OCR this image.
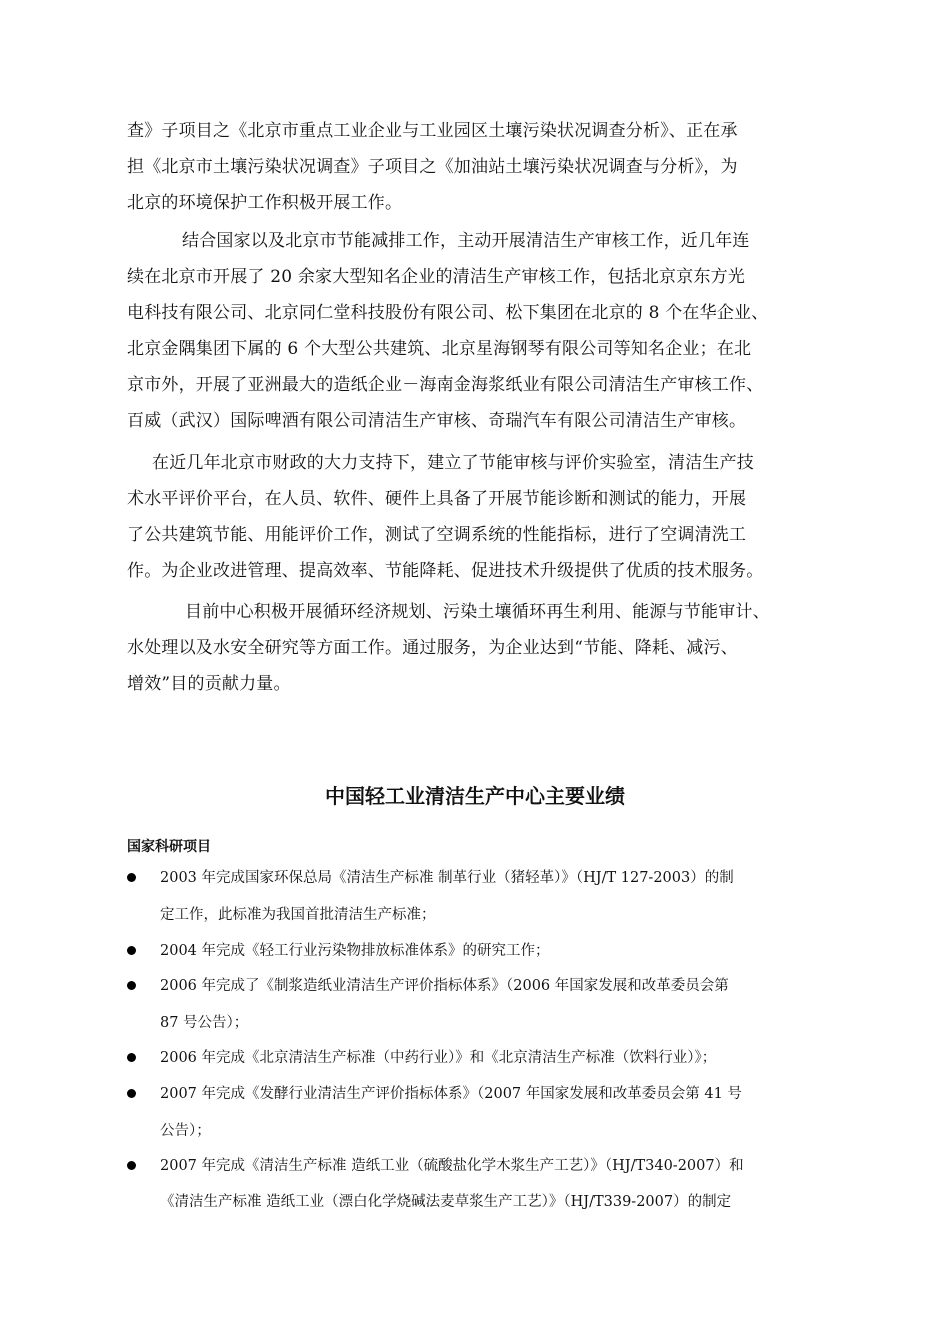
查》子项目之《北京市重点工业企业与工业园区土壤污染状况调查分析》、正在承
担《北京市土壤污染状况调查》子项目之《加油站土壤污染状况调查与分析》，为
北京的环境保护工作积极开展工作。
结合国家以及北京市节能减排工作，主动开展清洁生产审核工作，近几年连
续在北京市开展了 20 余家大型知名企业的清洁生产审核工作，包括北京京东方光
电科技有限公司、北京同仁堂科技股份有限公司、松下集团在北京的 8 个在华企业、
北京金隅集团下属的 6 个大型公共建筑、北京星海钢琴有限公司等知名企业；在北
京市外，开展了亚洲最大的造纸企业－海南金海浆纸业有限公司清洁生产审核工作、
百威（武汉）国际啤酒有限公司清洁生产审核、奇瑞汽车有限公司清洁生产审核。
在近几年北京市财政的大力支持下，建立了节能审核与评价实验室，清洁生产技
术水平评价平台，在人员、软件、硬件上具备了开展节能诊断和测试的能力，开展
了公共建筑节能、用能评价工作，测试了空调系统的性能指标，进行了空调清洗工
作。为企业改进管理、提高效率、节能降耗、促进技术升级提供了优质的技术服务。
目前中心积极开展循环经济规划、污染土壤循环再生利用、能源与节能审计、
水处理以及水安全研究等方面工作。通过服务，为企业达到“节能、降耗、减污、
增效”目的贡献力量。
中国轻工业清洁生产中心主要业绩
国家科研项目
2003 年完成国家环保总局《清洁生产标准 制革行业（猪轻革）》（HJ/T 127-2003）的制
定工作，此标准为我国首批清洁生产标准；
2004 年完成《轻工行业污染物排放标准体系》的研究工作；
2006 年完成了《制浆造纸业清洁生产评价指标体系》（2006 年国家发展和改革委员会第
87 号公告）；
2006 年完成《北京清洁生产标准（中药行业）》和《北京清洁生产标准（饮料行业）》；
2007 年完成《发酵行业清洁生产评价指标体系》（2007 年国家发展和改革委员会第 41 号
公告）；
2007 年完成《清洁生产标准 造纸工业（硫酸盐化学木浆生产工艺）》（HJ/T340-2007）和
《清洁生产标准 造纸工业（漂白化学烧碱法麦草浆生产工艺）》（HJ/T339-2007）的制定
